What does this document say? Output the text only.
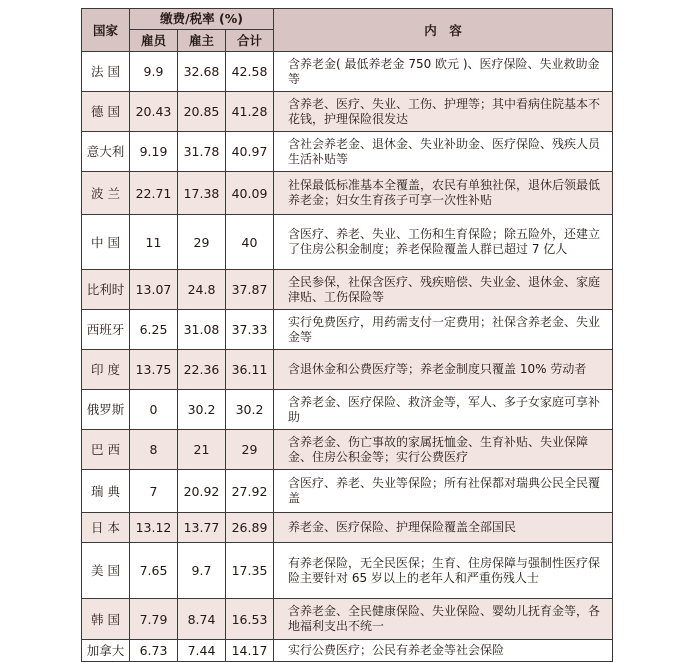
国家	缴费/税率 (%)			内　容
	雇员	雇主	合计	
法 国	9.9	32.68	42.58	含养老金( 最低养老金 750 欧元 )、医疗保险、失业救助金等
德 国	20.43	20.85	41.28	含养老、医疗、失业、工伤、护理等；其中看病住院基本不花钱，护理保险很发达
意大利	9.19	31.78	40.97	含社会养老金、退休金、失业补助金、医疗保险、残疾人员生活补贴等
波 兰	22.71	17.38	40.09	社保最低标准基本全覆盖，农民有单独社保，退休后领最低养老金；妇女生育孩子可享一次性补贴
中 国	11	29	40	含医疗、养老、失业、工伤和生育保险；除五险外，还建立了住房公积金制度；养老保险覆盖人群已超过 7 亿人
比利时	13.07	24.8	37.87	全民参保，社保含医疗、残疾赔偿、失业金、退休金、家庭津贴、工伤保险等
西班牙	6.25	31.08	37.33	实行免费医疗，用药需支付一定费用；社保含养老金、失业金等
印 度	13.75	22.36	36.11	含退休金和公费医疗等；养老金制度只覆盖 10% 劳动者
俄罗斯	0	30.2	30.2	含养老金、医疗保险、救济金等，军人、多子女家庭可享补助
巴 西	8	21	29	含养老金、伤亡事故的家属抚恤金、生育补贴、失业保障金、住房公积金等；实行公费医疗
瑞 典	7	20.92	27.92	含医疗、养老、失业等保险；所有社保都对瑞典公民全民覆盖
日 本	13.12	13.77	26.89	养老金、医疗保险、护理保险覆盖全部国民
美 国	7.65	9.7	17.35	有养老保险，无全民医保；生育、住房保障与强制性医疗保险主要针对 65 岁以上的老年人和严重伤残人士
韩 国	7.79	8.74	16.53	含养老金、全民健康保险、失业保险、婴幼儿抚育金等，各地福利支出不统一
加拿大	6.73	7.44	14.17	实行公费医疗；公民有养老金等社会保险
